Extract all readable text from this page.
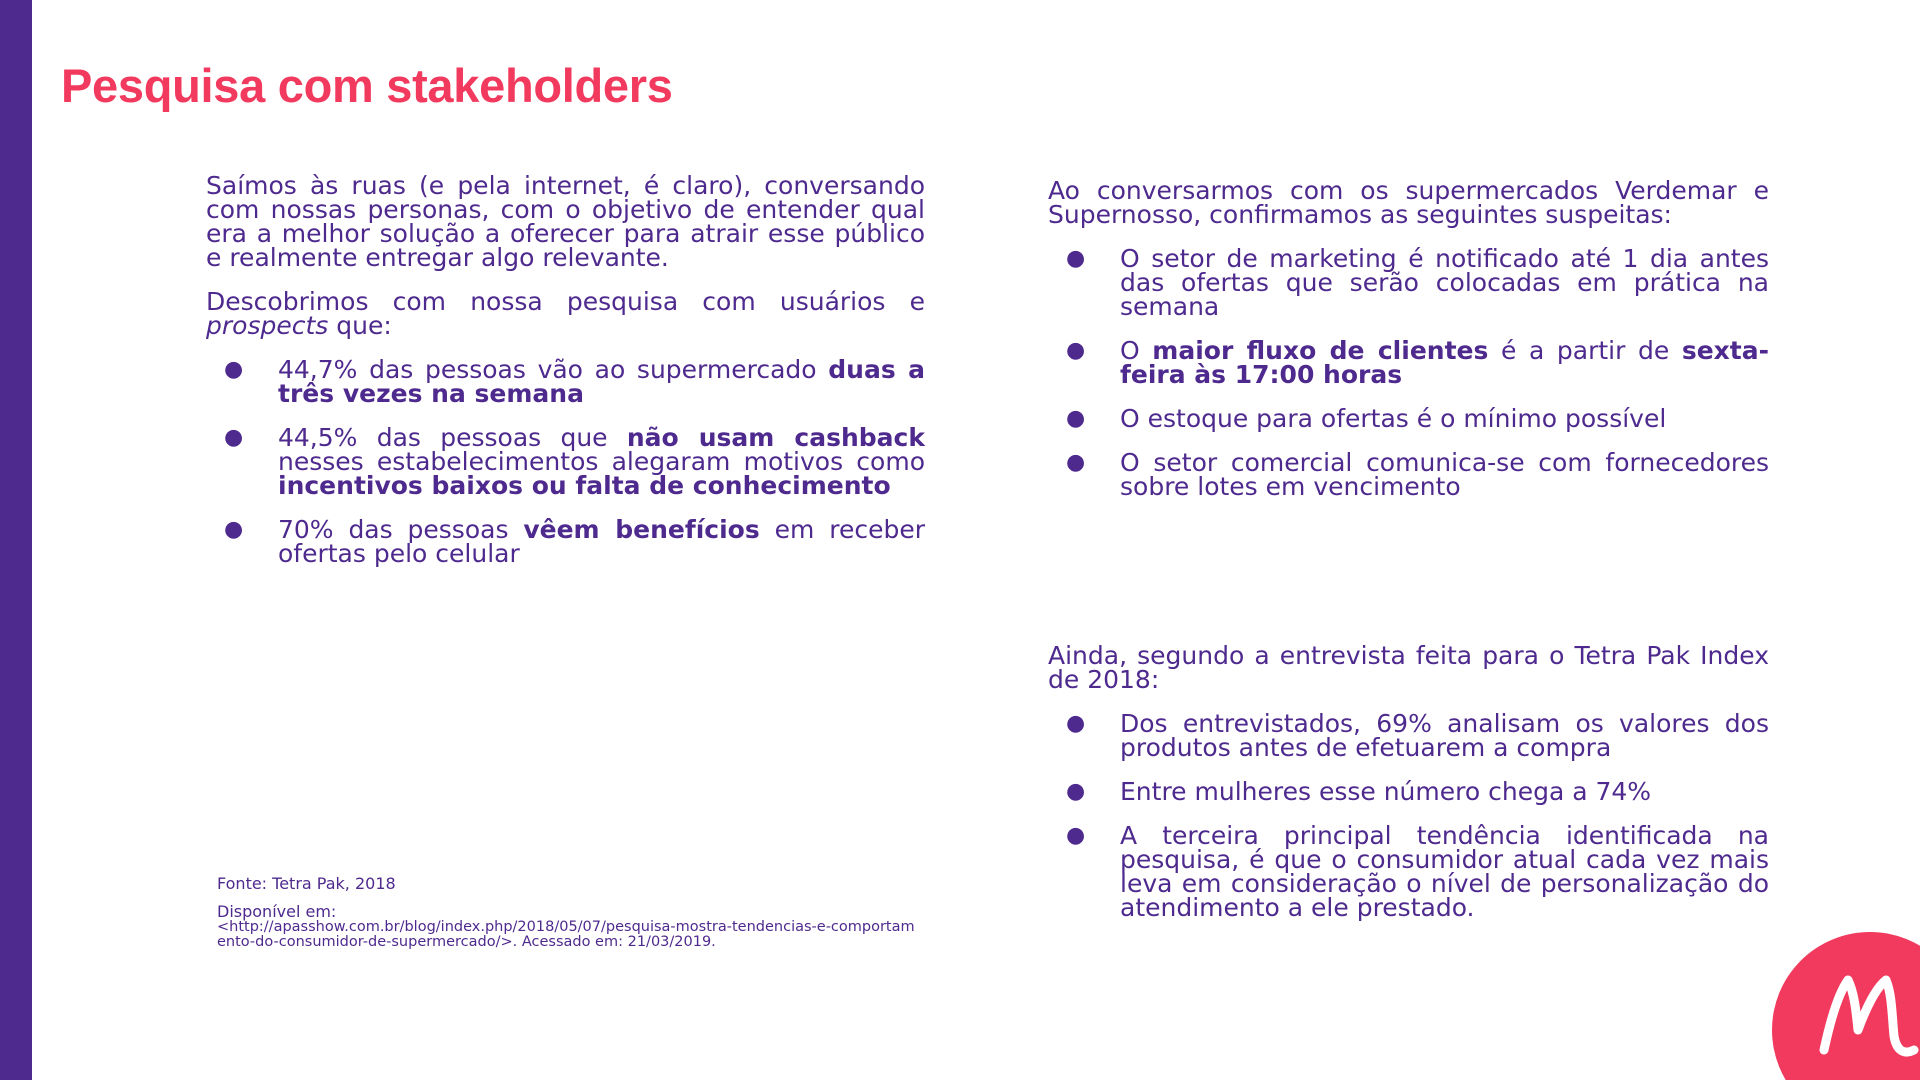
Pesquisa com stakeholders

Saímos às ruas (e pela internet, é claro), conversando com nossas personas, com o objetivo de entender qual era a melhor solução a oferecer para atrair esse público e realmente entregar algo relevante.

Descobrimos com nossa pesquisa com usuários e prospects que:

● 44,7% das pessoas vão ao supermercado duas a três vezes na semana
● 44,5% das pessoas que não usam cashback nesses estabelecimentos alegaram motivos como incentivos baixos ou falta de conhecimento
● 70% das pessoas vêem benefícios em receber ofertas pelo celular

Ao conversarmos com os supermercados Verdemar e Supernosso, confirmamos as seguintes suspeitas:

● O setor de marketing é notificado até 1 dia antes das ofertas que serão colocadas em prática na semana
● O maior fluxo de clientes é a partir de sexta-feira às 17:00 horas
● O estoque para ofertas é o mínimo possível
● O setor comercial comunica-se com fornecedores sobre lotes em vencimento

Ainda, segundo a entrevista feita para o Tetra Pak Index de 2018:

● Dos entrevistados, 69% analisam os valores dos produtos antes de efetuarem a compra
● Entre mulheres esse número chega a 74%
● A terceira principal tendência identificada na pesquisa, é que o consumidor atual cada vez mais leva em consideração o nível de personalização do atendimento a ele prestado.

Fonte: Tetra Pak, 2018

Disponível em:
<http://apasshow.com.br/blog/index.php/2018/05/07/pesquisa-mostra-tendencias-e-comportamento-do-consumidor-de-supermercado/>. Acessado em: 21/03/2019.
